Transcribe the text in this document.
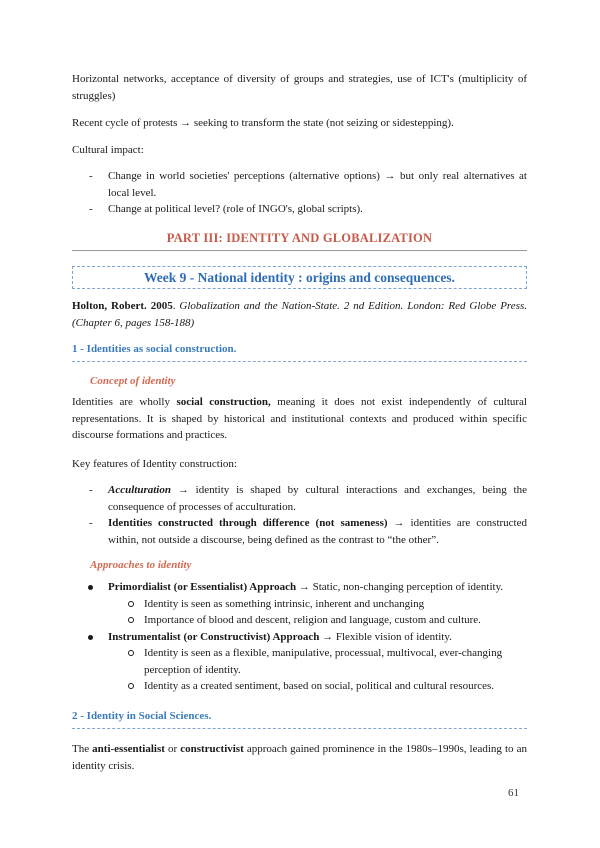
Horizontal networks, acceptance of diversity of groups and strategies, use of ICT's (multiplicity of struggles)

Recent cycle of protests → seeking to transform the state (not seizing or sidestepping).

Cultural impact:

- Change in world societies' perceptions (alternative options) → but only real alternatives at local level.
- Change at political level? (role of INGO's, global scripts).
PART III: IDENTITY AND GLOBALIZATION
Week 9 - National identity : origins and consequences.

Holton, Robert. 2005. Globalization and the Nation-State. 2 nd Edition. London: Red Globe Press. (Chapter 6, pages 158-188)

1 - Identities as social construction.
Concept of identity

Identities are wholly social construction, meaning it does not exist independently of cultural representations. It is shaped by historical and institutional contexts and produced within specific discourse formations and practices.

Key features of Identity construction:

- Acculturation → identity is shaped by cultural interactions and exchanges, being the consequence of processes of acculturation.
- Identities constructed through difference (not sameness) → identities are constructed within, not outside a discourse, being defined as the contrast to “the other”.
Approaches to identity
Primordialist (or Essentialist) Approach → Static, non-changing perception of identity.
Identity is seen as something intrinsic, inherent and unchanging
Importance of blood and descent, religion and language, custom and culture.
Instrumentalist (or Constructivist) Approach → Flexible vision of identity.
Identity is seen as a flexible, manipulative, processual, multivocal, ever-changing perception of identity.
Identity as a created sentiment, based on social, political and cultural resources.
2 - Identity in Social Sciences.

The anti-essentialist or constructivist approach gained prominence in the 1980s–1990s, leading to an identity crisis.

61
